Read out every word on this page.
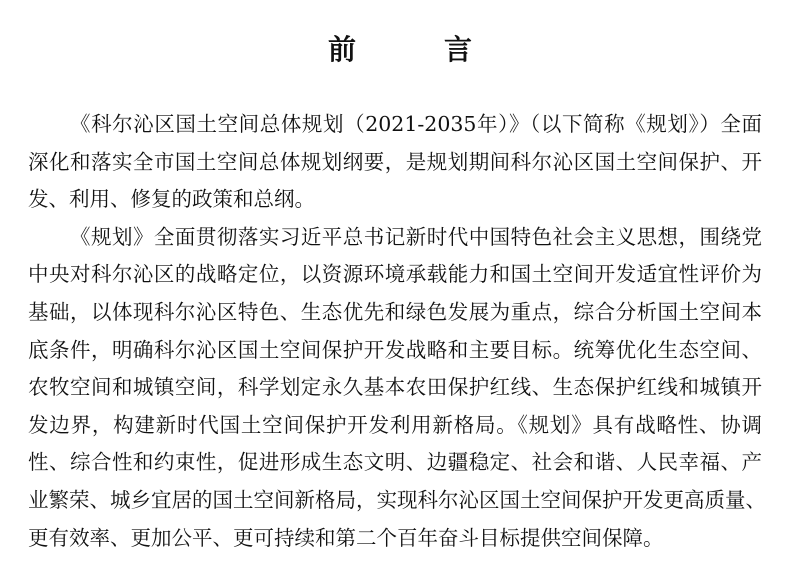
前　言
《科尔沁区国土空间总体规划（2021-2035年）》（以下简称《规划》）全面
深化和落实全市国土空间总体规划纲要，是规划期间科尔沁区国土空间保护、开
发、利用、修复的政策和总纲。
《规划》全面贯彻落实习近平总书记新时代中国特色社会主义思想，围绕党
中央对科尔沁区的战略定位，以资源环境承载能力和国土空间开发适宜性评价为
基础，以体现科尔沁区特色、生态优先和绿色发展为重点，综合分析国土空间本
底条件，明确科尔沁区国土空间保护开发战略和主要目标。统筹优化生态空间、
农牧空间和城镇空间，科学划定永久基本农田保护红线、生态保护红线和城镇开
发边界，构建新时代国土空间保护开发利用新格局。《规划》具有战略性、协调
性、综合性和约束性，促进形成生态文明、边疆稳定、社会和谐、人民幸福、产
业繁荣、城乡宜居的国土空间新格局，实现科尔沁区国土空间保护开发更高质量、
更有效率、更加公平、更可持续和第二个百年奋斗目标提供空间保障。
